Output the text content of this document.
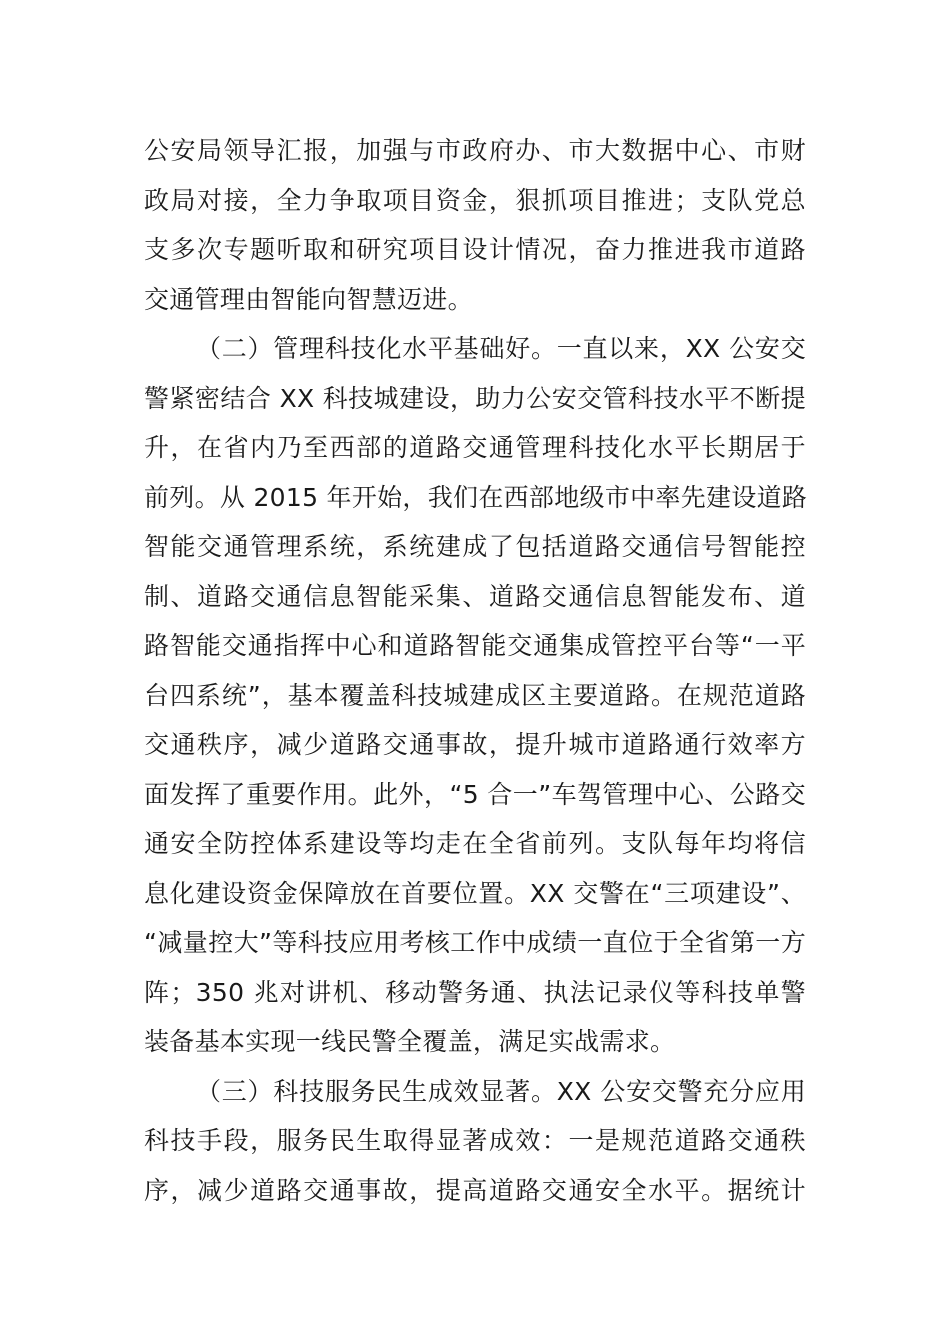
公安局领导汇报，加强与市政府办、市大数据中心、市财
政局对接，全力争取项目资金，狠抓项目推进；支队党总
支多次专题听取和研究项目设计情况，奋力推进我市道路
交通管理由智能向智慧迈进。
（二）管理科技化水平基础好。一直以来，XX 公安交
警紧密结合 XX 科技城建设，助力公安交管科技水平不断提
升，在省内乃至西部的道路交通管理科技化水平长期居于
前列。从 2015 年开始，我们在西部地级市中率先建设道路
智能交通管理系统，系统建成了包括道路交通信号智能控
制、道路交通信息智能采集、道路交通信息智能发布、道
路智能交通指挥中心和道路智能交通集成管控平台等“一平
台四系统”，基本覆盖科技城建成区主要道路。在规范道路
交通秩序，减少道路交通事故，提升城市道路通行效率方
面发挥了重要作用。此外，“5 合一”车驾管理中心、公路交
通安全防控体系建设等均走在全省前列。支队每年均将信
息化建设资金保障放在首要位置。XX 交警在“三项建设”、
“减量控大”等科技应用考核工作中成绩一直位于全省第一方
阵；350 兆对讲机、移动警务通、执法记录仪等科技单警
装备基本实现一线民警全覆盖，满足实战需求。
（三）科技服务民生成效显著。XX 公安交警充分应用
科技手段，服务民生取得显著成效：一是规范道路交通秩
序，减少道路交通事故，提高道路交通安全水平。据统计
